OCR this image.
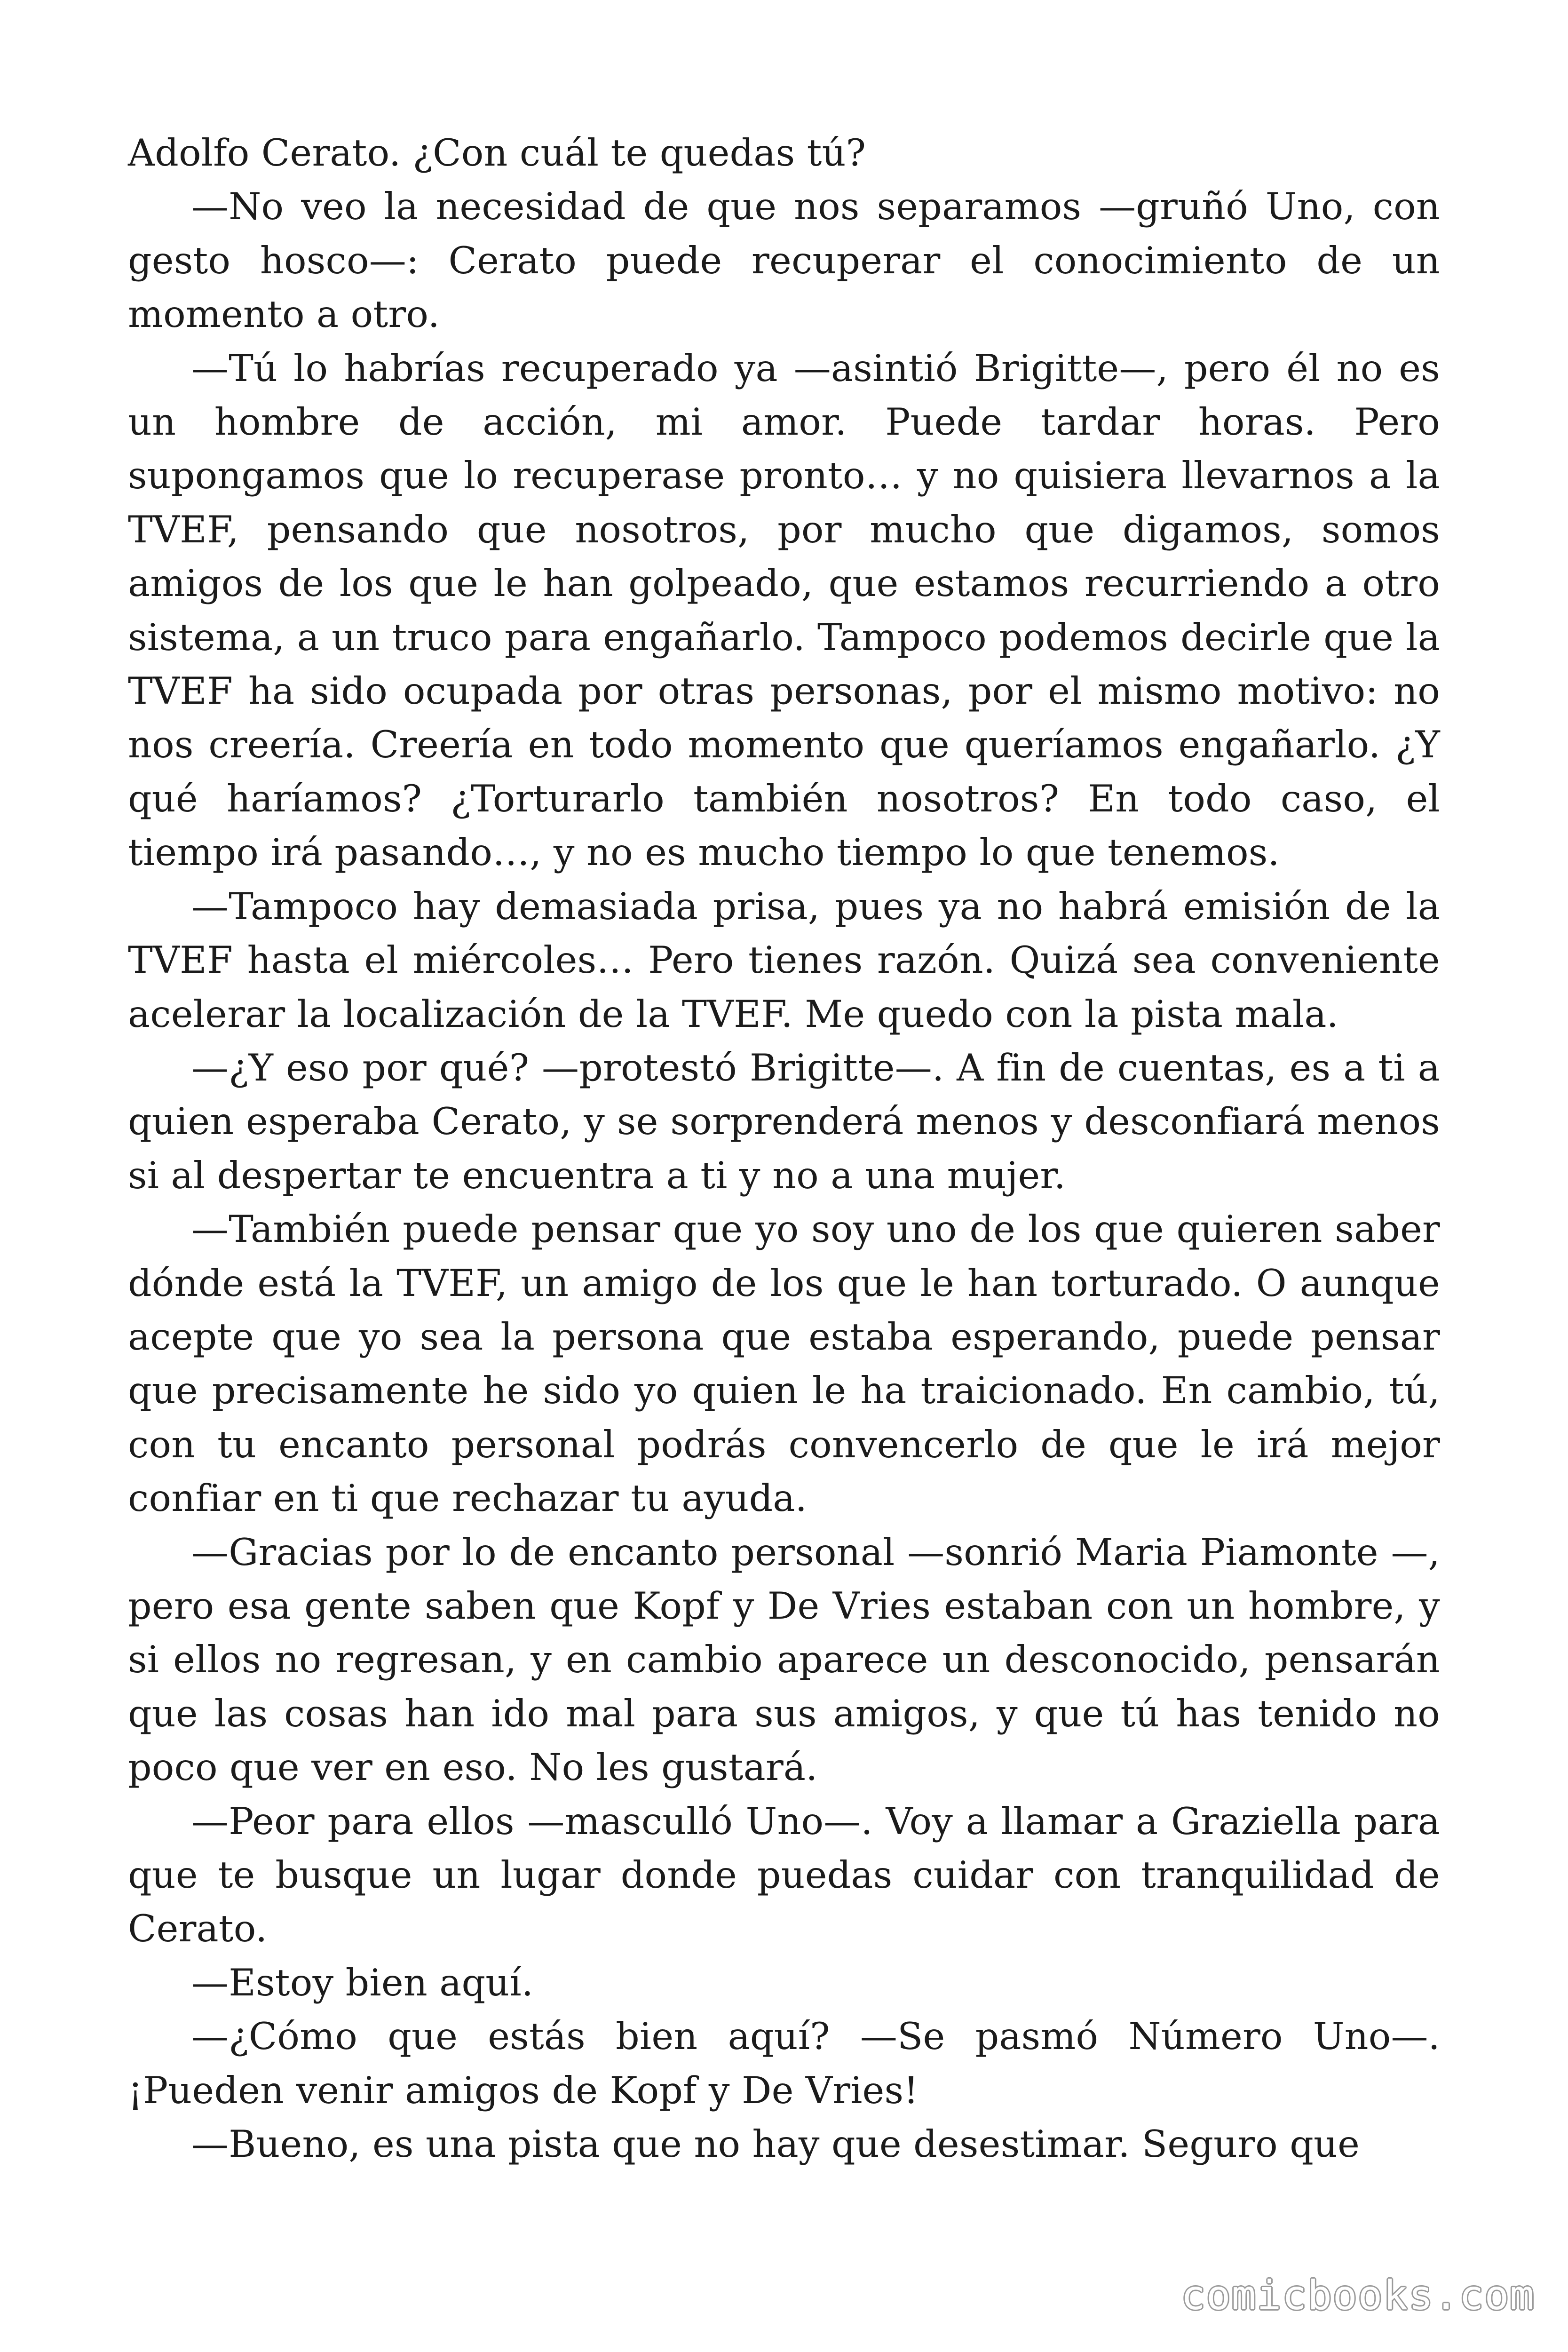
Adolfo Cerato. ¿Con cuál te quedas tú?

—No veo la necesidad de que nos separamos —gruñó Uno, con gesto hosco—: Cerato puede recuperar el conocimiento de un momento a otro.

—Tú lo habrías recuperado ya —asintió Brigitte—, pero él no es un hombre de acción, mi amor. Puede tardar horas. Pero supongamos que lo recuperase pronto… y no quisiera llevarnos a la TVEF, pensando que nosotros, por mucho que digamos, somos amigos de los que le han golpeado, que estamos recurriendo a otro sistema, a un truco para engañarlo. Tampoco podemos decirle que la TVEF ha sido ocupada por otras personas, por el mismo motivo: no nos creería. Creería en todo momento que queríamos engañarlo. ¿Y qué haríamos? ¿Torturarlo también nosotros? En todo caso, el tiempo irá pasando…, y no es mucho tiempo lo que tenemos.

—Tampoco hay demasiada prisa, pues ya no habrá emisión de la TVEF hasta el miércoles… Pero tienes razón. Quizá sea conveniente acelerar la localización de la TVEF. Me quedo con la pista mala.

—¿Y eso por qué? —protestó Brigitte—. A fin de cuentas, es a ti a quien esperaba Cerato, y se sorprenderá menos y desconfiará menos si al despertar te encuentra a ti y no a una mujer.

—También puede pensar que yo soy uno de los que quieren saber dónde está la TVEF, un amigo de los que le han torturado. O aunque acepte que yo sea la persona que estaba esperando, puede pensar que precisamente he sido yo quien le ha traicionado. En cambio, tú, con tu encanto personal podrás convencerlo de que le irá mejor confiar en ti que rechazar tu ayuda.

—Gracias por lo de encanto personal —sonrió Maria Piamonte —, pero esa gente saben que Kopf y De Vries estaban con un hombre, y si ellos no regresan, y en cambio aparece un desconocido, pensarán que las cosas han ido mal para sus amigos, y que tú has tenido no poco que ver en eso. No les gustará.

—Peor para ellos —masculló Uno—. Voy a llamar a Graziella para que te busque un lugar donde puedas cuidar con tranquilidad de Cerato.

—Estoy bien aquí.

—¿Cómo que estás bien aquí? —Se pasmó Número Uno—. ¡Pueden venir amigos de Kopf y De Vries!

—Bueno, es una pista que no hay que desestimar. Seguro que

comicbooks.com
